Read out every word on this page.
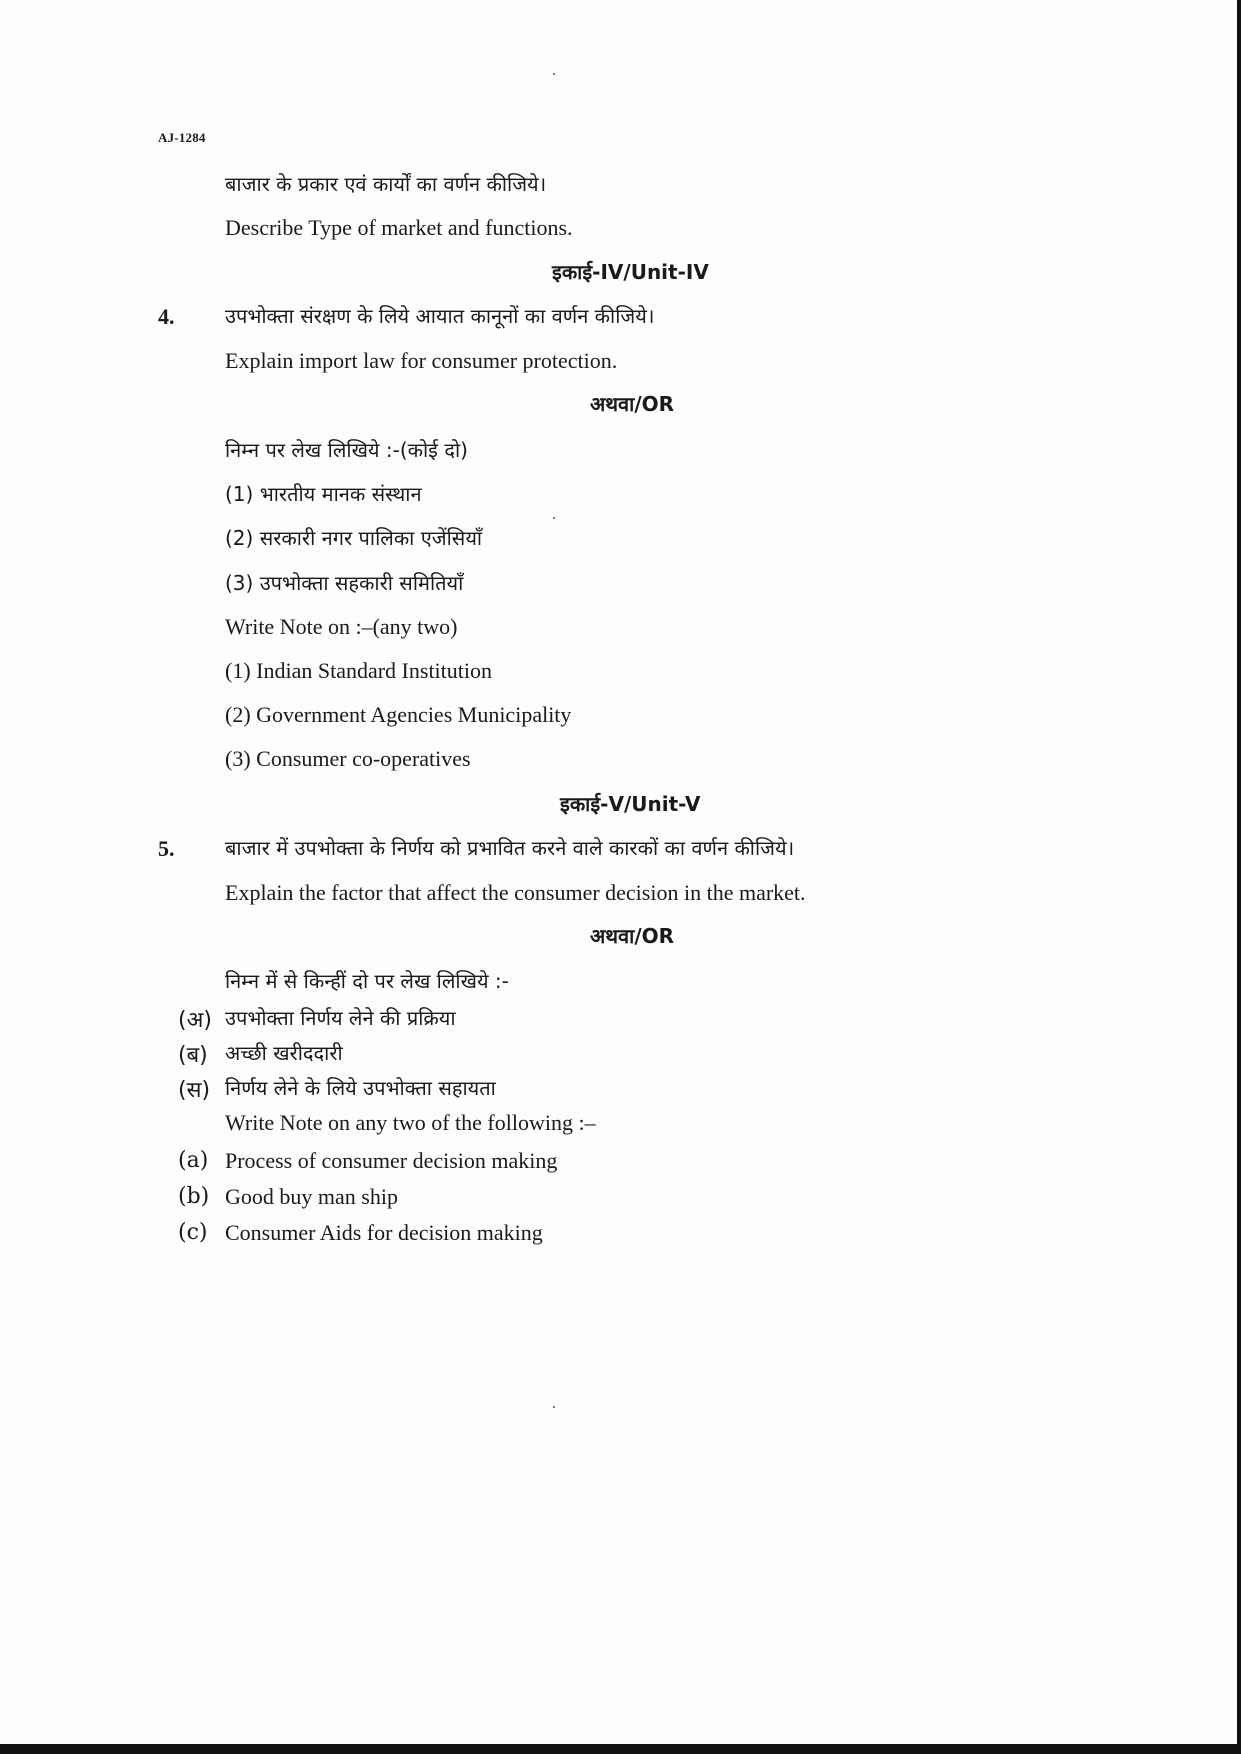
AJ-1284
बाजार के प्रकार एवं कार्यों का वर्णन कीजिये।
Describe Type of market and functions.
इकाई-IV/Unit-IV
4.	उपभोक्ता संरक्षण के लिये आयात कानूनों का वर्णन कीजिये।
Explain import law for consumer protection.
अथवा/OR
निम्न पर लेख लिखिये :-(कोई दो)
(1) भारतीय मानक संस्थान
(2) सरकारी नगर पालिका एजेंसियाँ
(3) उपभोक्ता सहकारी समितियाँ
Write Note on :–(any two)
(1) Indian Standard Institution
(2) Government Agencies Municipality
(3) Consumer co-operatives
इकाई-V/Unit-V
5.	बाजार में उपभोक्ता के निर्णय को प्रभावित करने वाले कारकों का वर्णन कीजिये।
Explain the factor that affect the consumer decision in the market.
अथवा/OR
निम्न में से किन्हीं दो पर लेख लिखिये :-
(अ) उपभोक्ता निर्णय लेने की प्रक्रिया
(ब) अच्छी खरीददारी
(स) निर्णय लेने के लिये उपभोक्ता सहायता
Write Note on any two of the following :–
(a) Process of consumer decision making
(b) Good buy man ship
(c) Consumer Aids for decision making
